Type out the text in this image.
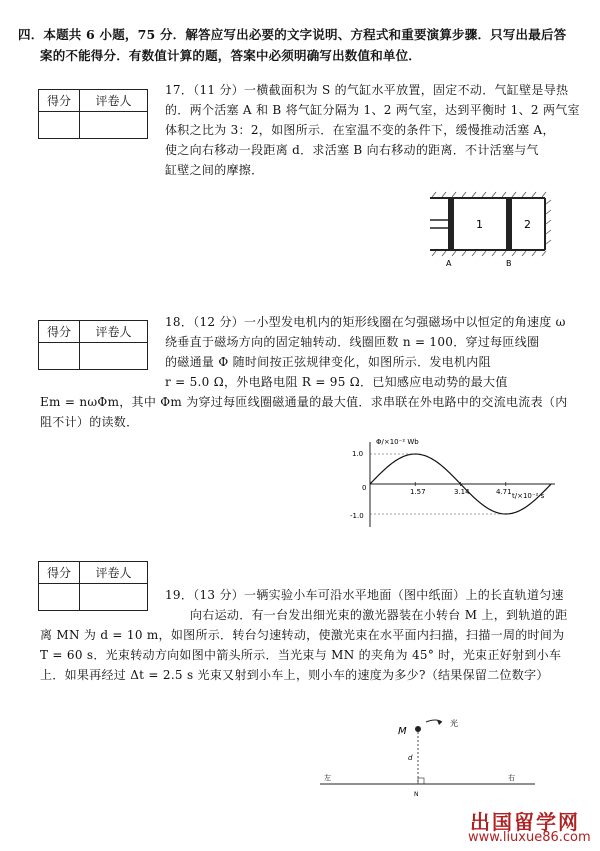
四．本题共 6 小题，75 分．解答应写出必要的文字说明、方程式和重要演算步骤．只写出最后答
案的不能得分．有数值计算的题，答案中必须明确写出数值和单位．
得分	评卷人

17．（11 分）一横截面积为 S 的气缸水平放置，固定不动．气缸壁是导热

的．两个活塞 A 和 B 将气缸分隔为 1、2 两气室，达到平衡时 1、2 两气室

体积之比为 3：2，如图所示．在室温不变的条件下，缓慢推动活塞 A，

使之向右移动一段距离 d．求活塞 B 向右移动的距离．不计活塞与气

缸壁之间的摩擦．

1	2
A	B
得分	评卷人

18．（12 分）一小型发电机内的矩形线圈在匀强磁场中以恒定的角速度 ω

绕垂直于磁场方向的固定轴转动．线圈匝数 n = 100．穿过每匝线圈

的磁通量 Φ 随时间按正弦规律变化，如图所示．发电机内阻

r = 5.0 Ω，外电路电阻 R = 95 Ω．已知感应电动势的最大值

Em = nωΦm，其中 Φm 为穿过每匝线圈磁通量的最大值．求串联在外电路中的交流电流表（内

阻不计）的读数．

Φ/×10⁻² Wb
t/×10⁻² s
1.0
0
-1.0
1.57	3.14	4.71
得分	评卷人

19．（13 分）一辆实验小车可沿水平地面（图中纸面）上的长直轨道匀速

向右运动．有一台发出细光束的激光器装在小转台 M 上，到轨道的距

离 MN 为 d = 10 m，如图所示．转台匀速转动，使激光束在水平面内扫描，扫描一周的时间为

T = 60 s．光束转动方向如图中箭头所示．当光束与 MN 的夹角为 45° 时，光束正好射到小车

上．如果再经过 Δt = 2.5 s 光束又射到小车上，则小车的速度为多少?（结果保留二位数字）

M
光
d
N
左	右
出国留学网
www.liuxue86.com
